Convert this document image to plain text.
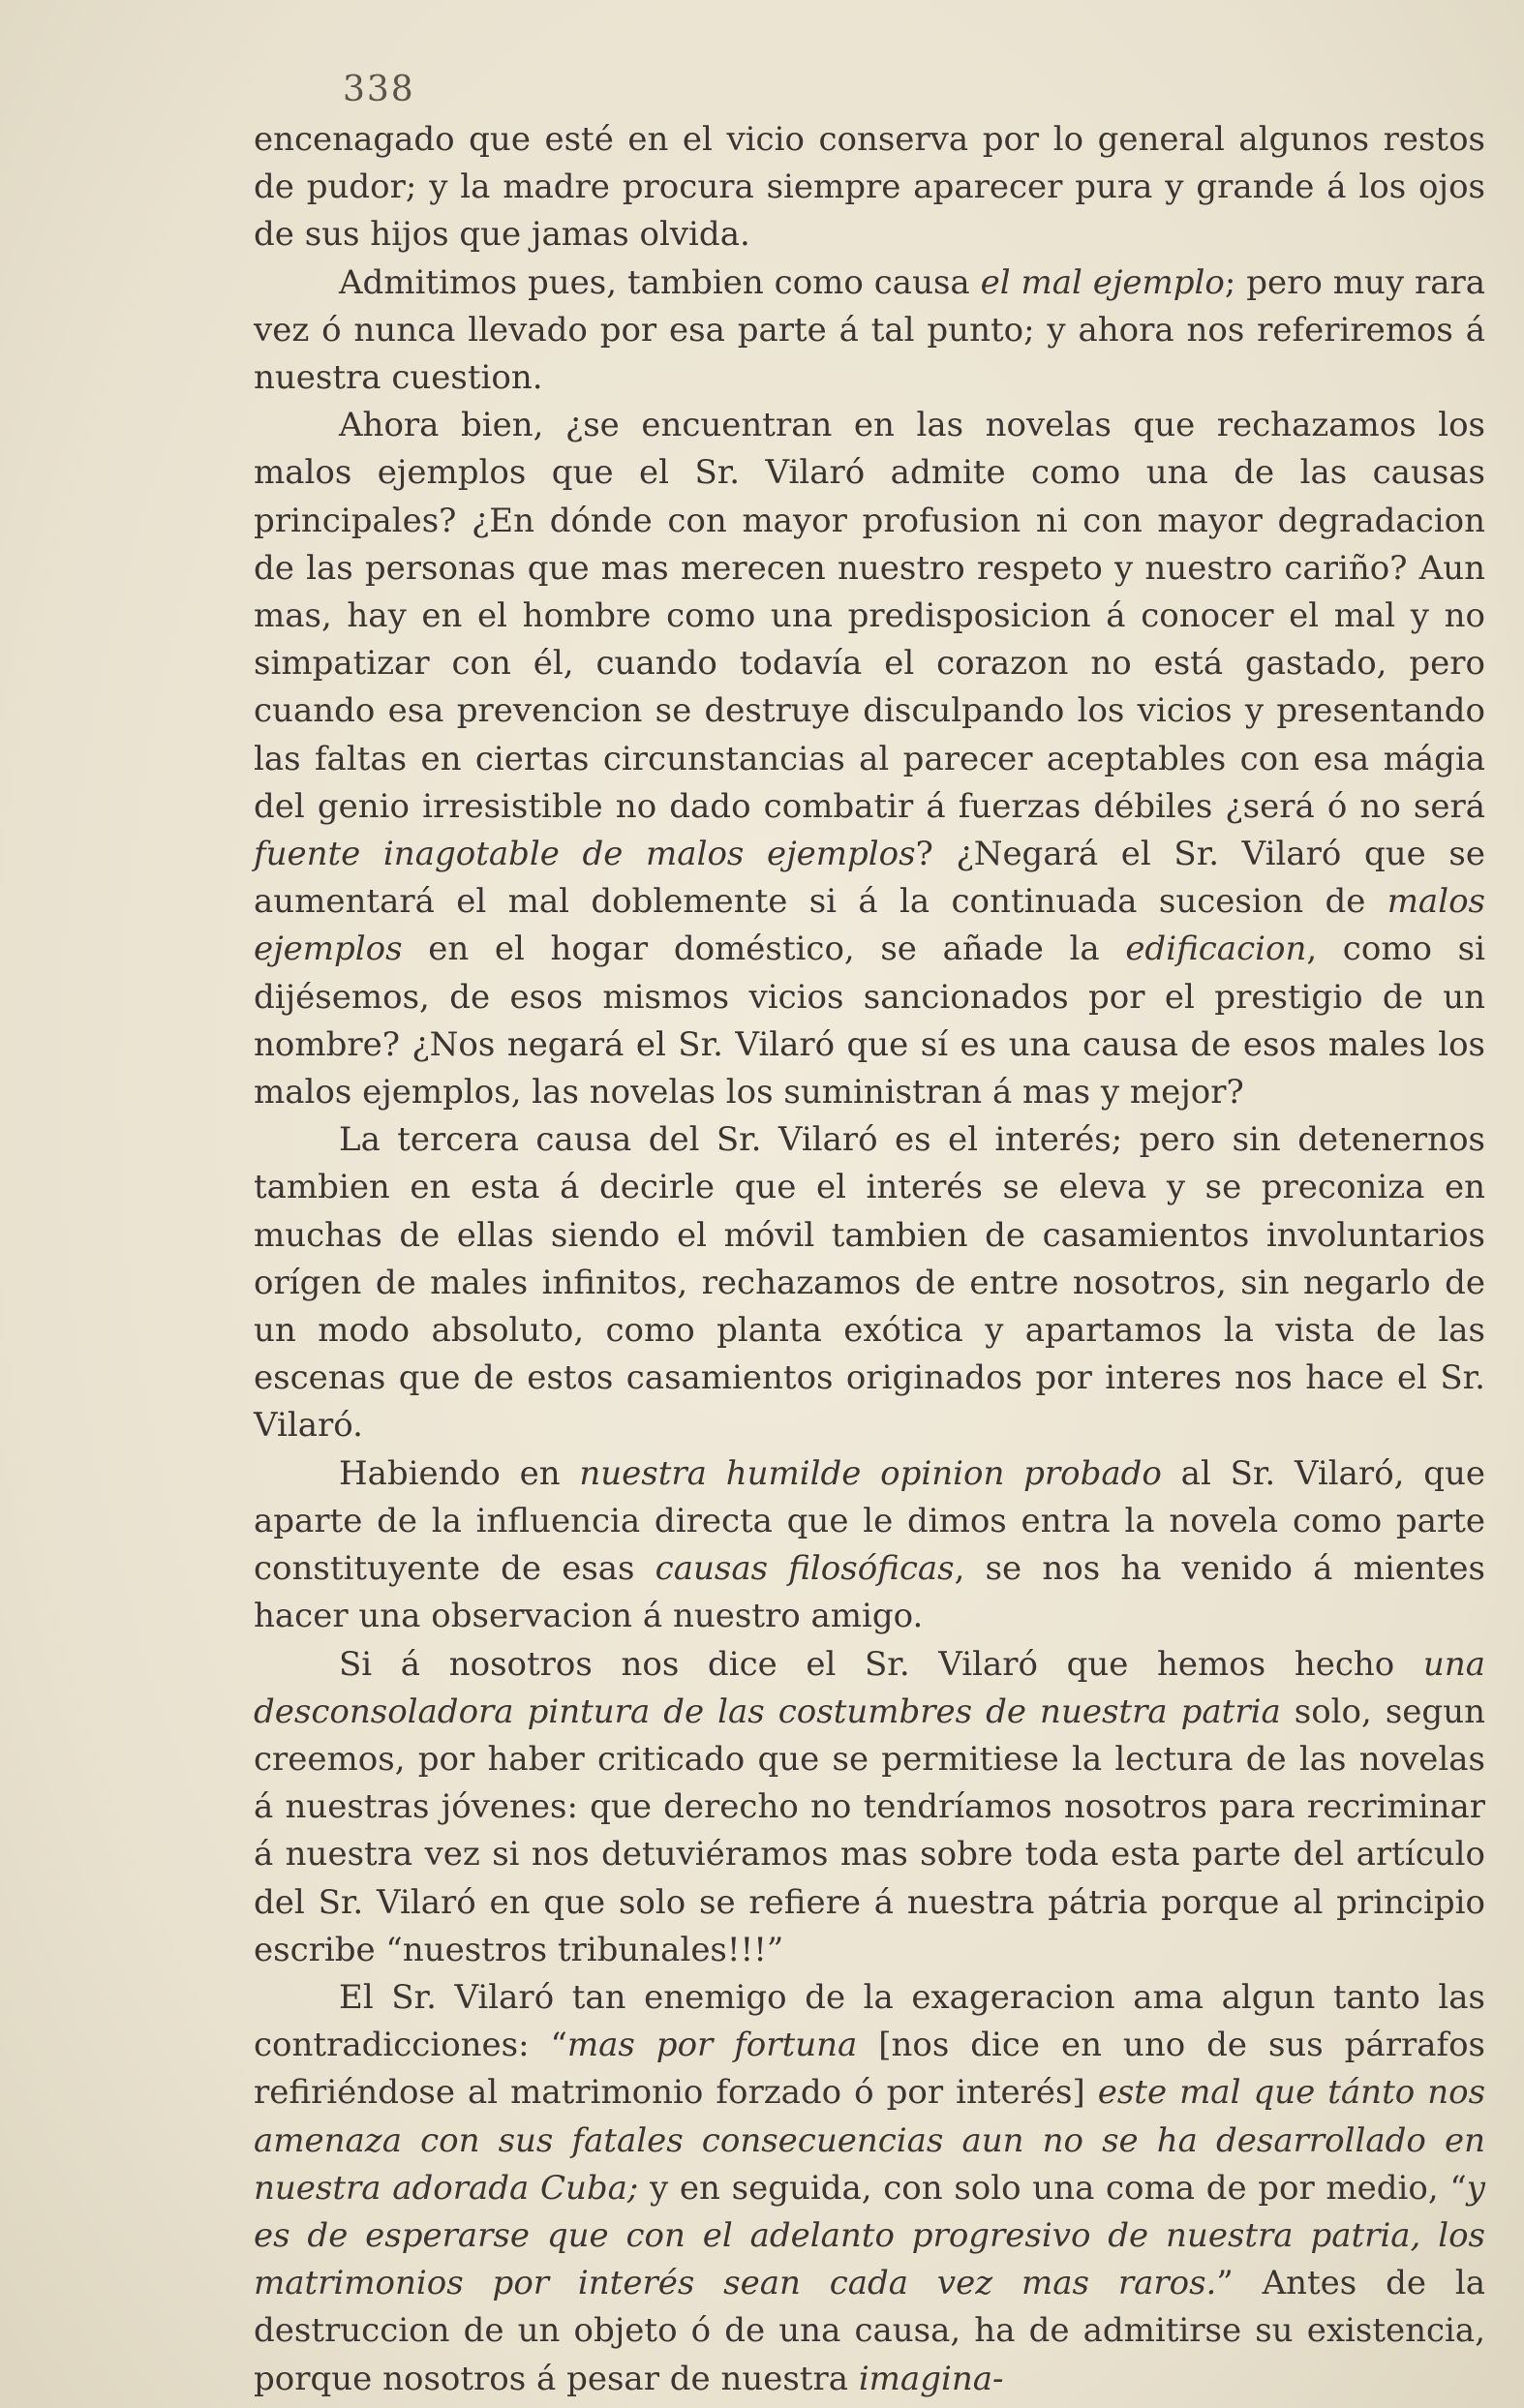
338

encenagado que esté en el vicio conserva por lo general algunos restos de pudor; y la madre procura siempre aparecer pura y grande á los ojos de sus hijos que jamas olvida.

Admitimos pues, tambien como causa el mal ejemplo; pero muy rara vez ó nunca llevado por esa parte á tal punto; y ahora nos referiremos á nuestra cuestion.

Ahora bien, ¿se encuentran en las novelas que rechazamos los malos ejemplos que el Sr. Vilaró admite como una de las causas principales? ¿En dónde con mayor profusion ni con mayor degradacion de las personas que mas merecen nuestro respeto y nuestro cariño? Aun mas, hay en el hombre como una predisposicion á conocer el mal y no simpatizar con él, cuando todavía el corazon no está gastado, pero cuando esa prevencion se destruye disculpando los vicios y presentando las faltas en ciertas circunstancias al parecer aceptables con esa mágia del genio irresistible no dado combatir á fuerzas débiles ¿será ó no será fuente inagotable de malos ejemplos? ¿Negará el Sr. Vilaró que se aumentará el mal doblemente si á la continuada sucesion de malos ejemplos en el hogar doméstico, se añade la edificacion, como si dijésemos, de esos mismos vicios sancionados por el prestigio de un nombre? ¿Nos negará el Sr. Vilaró que sí es una causa de esos males los malos ejemplos, las novelas los suministran á mas y mejor?

La tercera causa del Sr. Vilaró es el interés; pero sin detenernos tambien en esta á decirle que el interés se eleva y se preconiza en muchas de ellas siendo el móvil tambien de casamientos involuntarios orígen de males infinitos, rechazamos de entre nosotros, sin negarlo de un modo absoluto, como planta exótica y apartamos la vista de las escenas que de estos casamientos originados por interes nos hace el Sr. Vilaró.

Habiendo en nuestra humilde opinion probado al Sr. Vilaró, que aparte de la influencia directa que le dimos entra la novela como parte constituyente de esas causas filosóficas, se nos ha venido á mientes hacer una observacion á nuestro amigo.

Si á nosotros nos dice el Sr. Vilaró que hemos hecho una desconsoladora pintura de las costumbres de nuestra patria solo, segun creemos, por haber criticado que se permitiese la lectura de las novelas á nuestras jóvenes: que derecho no tendríamos nosotros para recriminar á nuestra vez si nos detuviéramos mas sobre toda esta parte del artículo del Sr. Vilaró en que solo se refiere á nuestra pátria porque al principio escribe “nuestros tribunales!!!”

El Sr. Vilaró tan enemigo de la exageracion ama algun tanto las contradicciones: “mas por fortuna [nos dice en uno de sus párrafos refiriéndose al matrimonio forzado ó por interés] este mal que tánto nos amenaza con sus fatales consecuencias aun no se ha desarrollado en nuestra adorada Cuba; y en seguida, con solo una coma de por medio, “y es de esperarse que con el adelanto progresivo de nuestra patria, los matrimonios por interés sean cada vez mas raros.” Antes de la destruccion de un objeto ó de una causa, ha de admitirse su existencia, porque nosotros á pesar de nuestra imagina-
